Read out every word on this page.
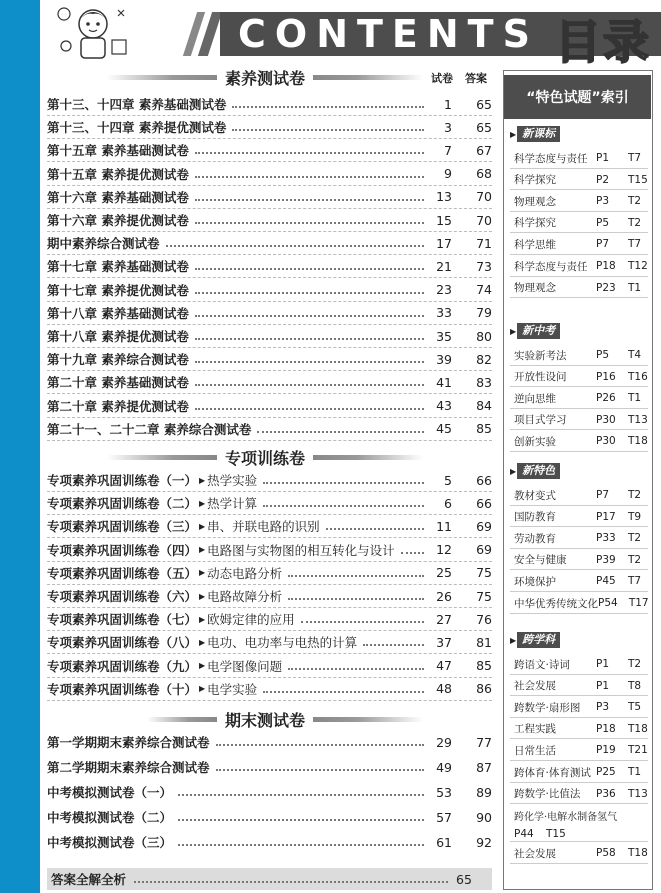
CONTENTS 目录
素养测试卷	试卷 答案
第十三、十四章 素养基础测试卷	1	65
第十三、十四章 素养提优测试卷	3	65
第十五章 素养基础测试卷	7	67
第十五章 素养提优测试卷	9	68
第十六章 素养基础测试卷	13	70
第十六章 素养提优测试卷	15	70
期中素养综合测试卷	17	71
第十七章 素养基础测试卷	21	73
第十七章 素养提优测试卷	23	74
第十八章 素养基础测试卷	33	79
第十八章 素养提优测试卷	35	80
第十九章 素养综合测试卷	39	82
第二十章 素养基础测试卷	41	83
第二十章 素养提优测试卷	43	84
第二十一、二十二章 素养综合测试卷	45	85
专项训练卷
专项素养巩固训练卷（一） ▶ 热学实验	5	66
专项素养巩固训练卷（二） ▶ 热学计算	6	66
专项素养巩固训练卷（三） ▶ 串、并联电路的识别	11	69
专项素养巩固训练卷（四） ▶ 电路图与实物图的相互转化与设计	12	69
专项素养巩固训练卷（五） ▶ 动态电路分析	25	75
专项素养巩固训练卷（六） ▶ 电路故障分析	26	75
专项素养巩固训练卷（七） ▶ 欧姆定律的应用	27	76
专项素养巩固训练卷（八） ▶ 电功、电功率与电热的计算	37	81
专项素养巩固训练卷（九） ▶ 电学图像问题	47	85
专项素养巩固训练卷（十） ▶ 电学实验	48	86
期末测试卷
第一学期期末素养综合测试卷	29	77
第二学期期末素养综合测试卷	49	87
中考模拟测试卷（一）	53	89
中考模拟测试卷（二）	57	90
中考模拟测试卷（三）	61	92
答案全解全析	65
“特色试题”索引
▶ 新课标
科学态度与责任 P1	T7
科学探究	P2	T15
物理观念	P3	T2
科学探究	P5	T2
科学思维	P7	T7
科学态度与责任 P18	T12
物理观念	P23	T1
▶ 新中考
实验新考法	P5	T4
开放性设问	P16	T16
逆向思维	P26	T1
项目式学习	P30	T13
创新实验	P30	T18
▶ 新特色
教材变式	P7	T2
国防教育	P17	T9
劳动教育	P33	T2
安全与健康	P39	T2
环境保护	P45	T7
中华优秀传统文化 P54	T17
▶ 跨学科
跨语文·诗词	P1	T2
社会发展	P1	T8
跨数学·扇形图	P3	T5
工程实践	P18	T18
日常生活	P19	T21
跨体育·体育测试 P25	T1
跨数学·比值法	P36	T13
跨化学·电解水制备氢气
P44	T15
社会发展	P58	T18
